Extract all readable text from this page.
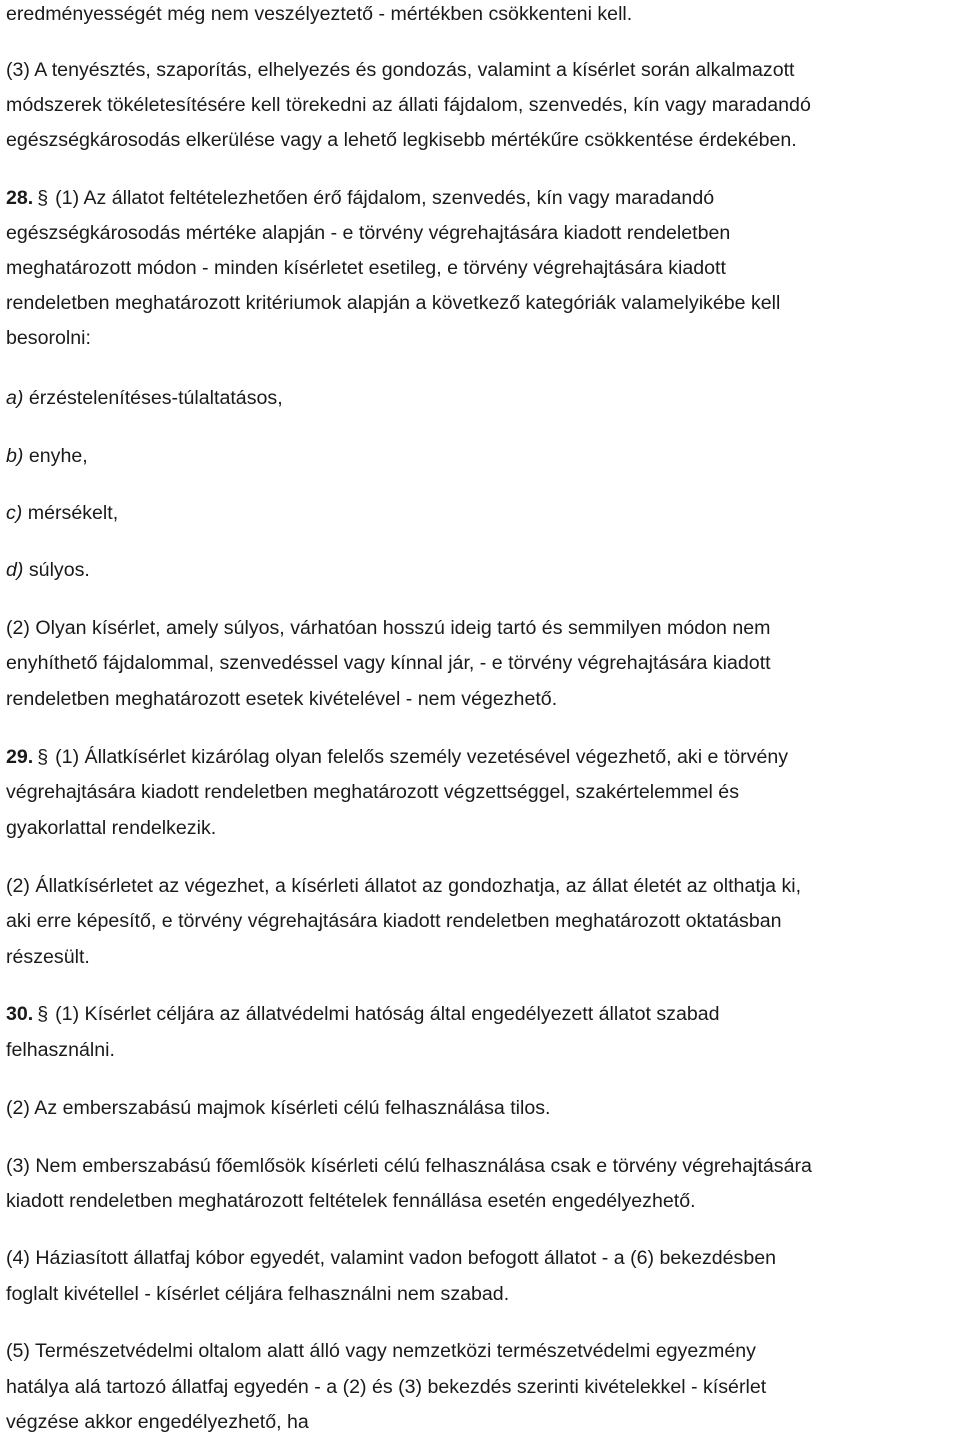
eredményességét még nem veszélyeztető - mértékben csökkenteni kell.
(3) A tenyésztés, szaporítás, elhelyezés és gondozás, valamint a kísérlet során alkalmazott
módszerek tökéletesítésére kell törekedni az állati fájdalom, szenvedés, kín vagy maradandó
egészségkárosodás elkerülése vagy a lehető legkisebb mértékűre csökkentése érdekében.
28. § (1) Az állatot feltételezhetően érő fájdalom, szenvedés, kín vagy maradandó
egészségkárosodás mértéke alapján - e törvény végrehajtására kiadott rendeletben
meghatározott módon - minden kísérletet esetileg, e törvény végrehajtására kiadott
rendeletben meghatározott kritériumok alapján a következő kategóriák valamelyikébe kell
besorolni:
a) érzéstelenítéses-túlaltatásos,
b) enyhe,
c) mérsékelt,
d) súlyos.
(2) Olyan kísérlet, amely súlyos, várhatóan hosszú ideig tartó és semmilyen módon nem
enyhíthető fájdalommal, szenvedéssel vagy kínnal jár, - e törvény végrehajtására kiadott
rendeletben meghatározott esetek kivételével - nem végezhető.
29. § (1) Állatkísérlet kizárólag olyan felelős személy vezetésével végezhető, aki e törvény
végrehajtására kiadott rendeletben meghatározott végzettséggel, szakértelemmel és
gyakorlattal rendelkezik.
(2) Állatkísérletet az végezhet, a kísérleti állatot az gondozhatja, az állat életét az olthatja ki,
aki erre képesítő, e törvény végrehajtására kiadott rendeletben meghatározott oktatásban
részesült.
30. § (1) Kísérlet céljára az állatvédelmi hatóság által engedélyezett állatot szabad
felhasználni.
(2) Az emberszabású majmok kísérleti célú felhasználása tilos.
(3) Nem emberszabású főemlősök kísérleti célú felhasználása csak e törvény végrehajtására
kiadott rendeletben meghatározott feltételek fennállása esetén engedélyezhető.
(4) Háziasított állatfaj kóbor egyedét, valamint vadon befogott állatot - a (6) bekezdésben
foglalt kivétellel - kísérlet céljára felhasználni nem szabad.
(5) Természetvédelmi oltalom alatt álló vagy nemzetközi természetvédelmi egyezmény
hatálya alá tartozó állatfaj egyedén - a (2) és (3) bekezdés szerinti kivételekkel - kísérlet
végzése akkor engedélyezhető, ha
